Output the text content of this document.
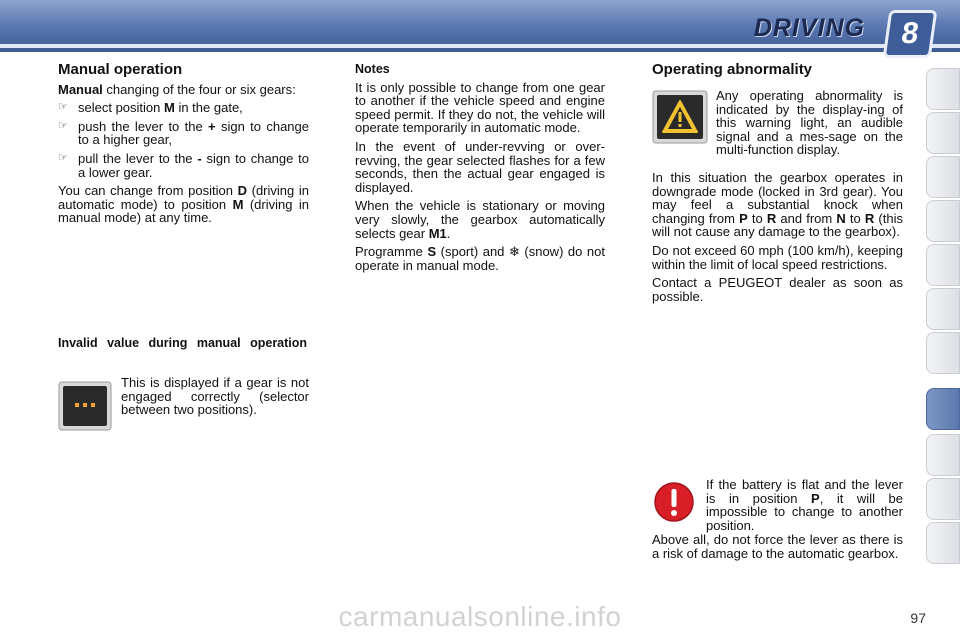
DRIVING	8
Manual operation

Manual changing of the four or six gears:

☞ select position M in the gate,
☞ push the lever to the + sign to change to a higher gear,
☞ pull the lever to the - sign to change to a lower gear.

You can change from position D (driving in automatic mode) to position M (driving in manual mode) at any time.

Invalid value during manual operation

This is displayed if a gear is not engaged correctly (selector between two positions).

Notes

It is only possible to change from one gear to another if the vehicle speed and engine speed permit. If they do not, the vehicle will operate temporarily in automatic mode.

In the event of under-revving or over-revving, the gear selected flashes for a few seconds, then the actual gear engaged is displayed.

When the vehicle is stationary or moving very slowly, the gearbox automatically selects gear M1.

Programme S (sport) and ❄ (snow) do not operate in manual mode.

Operating abnormality

Any operating abnormality is indicated by the display-ing of this warning light, an audible signal and a mes-sage on the multi-function display.

In this situation the gearbox operates in downgrade mode (locked in 3rd gear). You may feel a substantial knock when changing from P to R and from N to R (this will not cause any damage to the gearbox).

Do not exceed 60 mph (100 km/h), keeping within the limit of local speed restrictions.

Contact a PEUGEOT dealer as soon as possible.

If the battery is flat and the lever is in position P, it will be impossible to change to another position.

Above all, do not force the lever as there is a risk of damage to the automatic gearbox.

97
carmanualsonline.info
